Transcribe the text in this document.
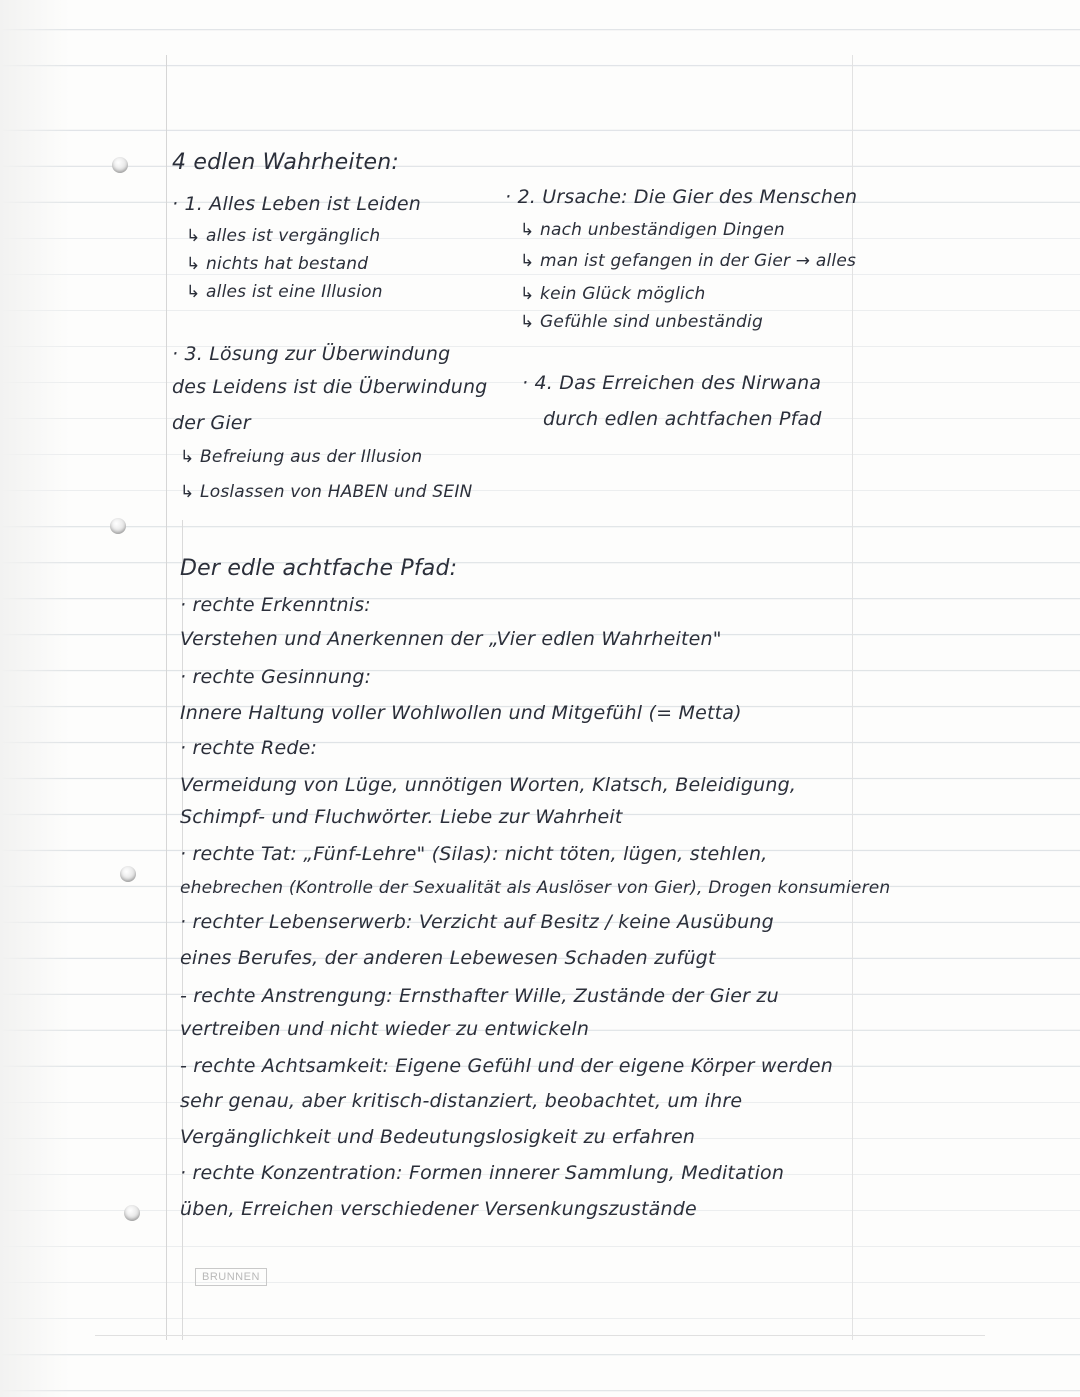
4 edlen Wahrheiten:
· 1. Alles Leben ist Leiden
↳ alles ist vergänglich
↳ nichts hat bestand
↳ alles ist eine Illusion
· 2. Ursache: Die Gier des Menschen
↳ nach unbeständigen Dingen
↳ man ist gefangen in der Gier → alles
↳ kein Glück möglich
↳ Gefühle sind unbeständig
· 3. Lösung zur Überwindung
des Leidens ist die Überwindung
der Gier
↳ Befreiung aus der Illusion
↳ Loslassen von HABEN und SEIN
· 4. Das Erreichen des Nirwana
durch edlen achtfachen Pfad
Der edle achtfache Pfad:
· rechte Erkenntnis:
Verstehen und Anerkennen der „Vier edlen Wahrheiten"
· rechte Gesinnung:
Innere Haltung voller Wohlwollen und Mitgefühl (= Metta)
· rechte Rede:
Vermeidung von Lüge, unnötigen Worten, Klatsch, Beleidigung,
Schimpf- und Fluchwörter. Liebe zur Wahrheit
· rechte Tat: „Fünf-Lehre" (Silas): nicht töten, lügen, stehlen,
ehebrechen (Kontrolle der Sexualität als Auslöser von Gier), Drogen konsumieren
· rechter Lebenserwerb: Verzicht auf Besitz / keine Ausübung
eines Berufes, der anderen Lebewesen Schaden zufügt
- rechte Anstrengung: Ernsthafter Wille, Zustände der Gier zu
vertreiben und nicht wieder zu entwickeln
- rechte Achtsamkeit: Eigene Gefühl und der eigene Körper werden
sehr genau, aber kritisch-distanziert, beobachtet, um ihre
Vergänglichkeit und Bedeutungslosigkeit zu erfahren
· rechte Konzentration: Formen innerer Sammlung, Meditation
üben, Erreichen verschiedener Versenkungszustände
BRUNNEN
